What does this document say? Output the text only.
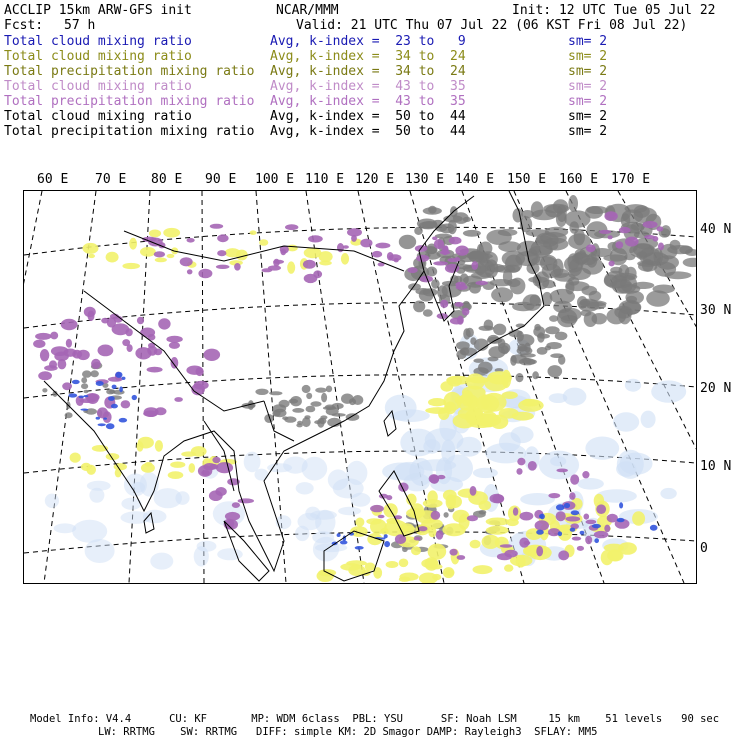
ACCLIP 15km ARW-GFS init	NCAR/MMM	Init: 12 UTC Tue 05 Jul 22
Fcst: 57 h	Valid: 21 UTC Thu 07 Jul 22 (06 KST Fri 08 Jul 22)
Total cloud mixing ratio	Avg, k-index =  23 to   9	sm= 2
Total cloud mixing ratio	Avg, k-index =  34 to  24	sm= 2
Total precipitation mixing ratio Avg, k-index =  34 to  24	sm= 2
Total cloud mixing ratio	Avg, k-index =  43 to  35	sm= 2
Total precipitation mixing ratio Avg, k-index =  43 to  35	sm= 2
Total cloud mixing ratio	Avg, k-index =  50 to  44	sm= 2
Total precipitation mixing ratio Avg, k-index =  50 to  44	sm= 2
60 E 70 E 80 E 90 E 100 E 110 E 120 E 130 E 140 E 150 E 160 E 170 E
40 N
30 N
20 N
10 N
0
Model Info: V4.4      CU: KF       MP: WDM 6class  PBL: YSU      SF: Noah LSM     15 km    51 levels   90 sec
LW: RRTMG    SW: RRTMG   DIFF: simple KM: 2D Smagor DAMP: Rayleigh3  SFLAY: MM5
